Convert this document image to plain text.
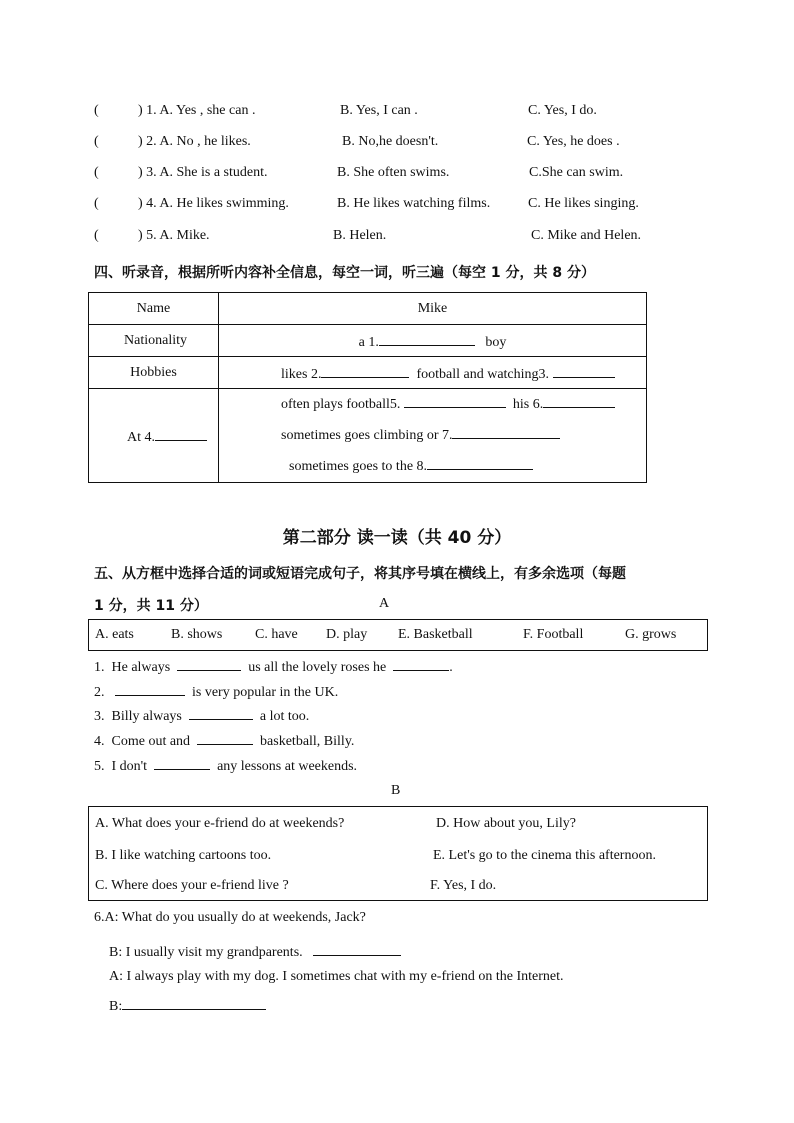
(	) 1. A. Yes , she can .	B. Yes, I can .	C. Yes, I do.
(	) 2. A. No , he likes.	B. No,he doesn't.	C. Yes, he does .
(	) 3. A. She is a student.	B. She often swims.	C.She can swim.
(	) 4. A. He likes swimming.	B. He likes watching films.	C. He likes singing.
(	) 5. A. Mike.	B. Helen.	C. Mike and Helen.
四、听录音，根据所听内容补全信息，每空一词，听三遍（每空 1 分，共 8 分）
Name	Mike
Nationality	a 1. boy
Hobbies	likes 2. football and watching3.
At 4.	often plays football5. his 6.
sometimes goes climbing or 7.
sometimes goes to the 8.
第二部分 读一读（共 40 分）
五、从方框中选择合适的词或短语完成句子，将其序号填在横线上，有多余选项（每题
1 分，共 11 分）	A
A. eats	B. shows C. have D. play E. Basketball	F. Football	G. grows
1. He always	us all the lovely roses he	.
2.	is very popular in the UK.
3. Billy always	a lot too.
4. Come out and	basketball, Billy.
5. I don't	any lessons at weekends.
B
A. What does your e-friend do at weekends?	D. How about you, Lily?
B. I like watching cartoons too.	E. Let's go to the cinema this afternoon.
C. Where does your e-friend live ?	F. Yes, I do.
6.A: What do you usually do at weekends, Jack?
B: I usually visit my grandparents.
A: I always play with my dog. I sometimes chat with my e-friend on the Internet.
B:
